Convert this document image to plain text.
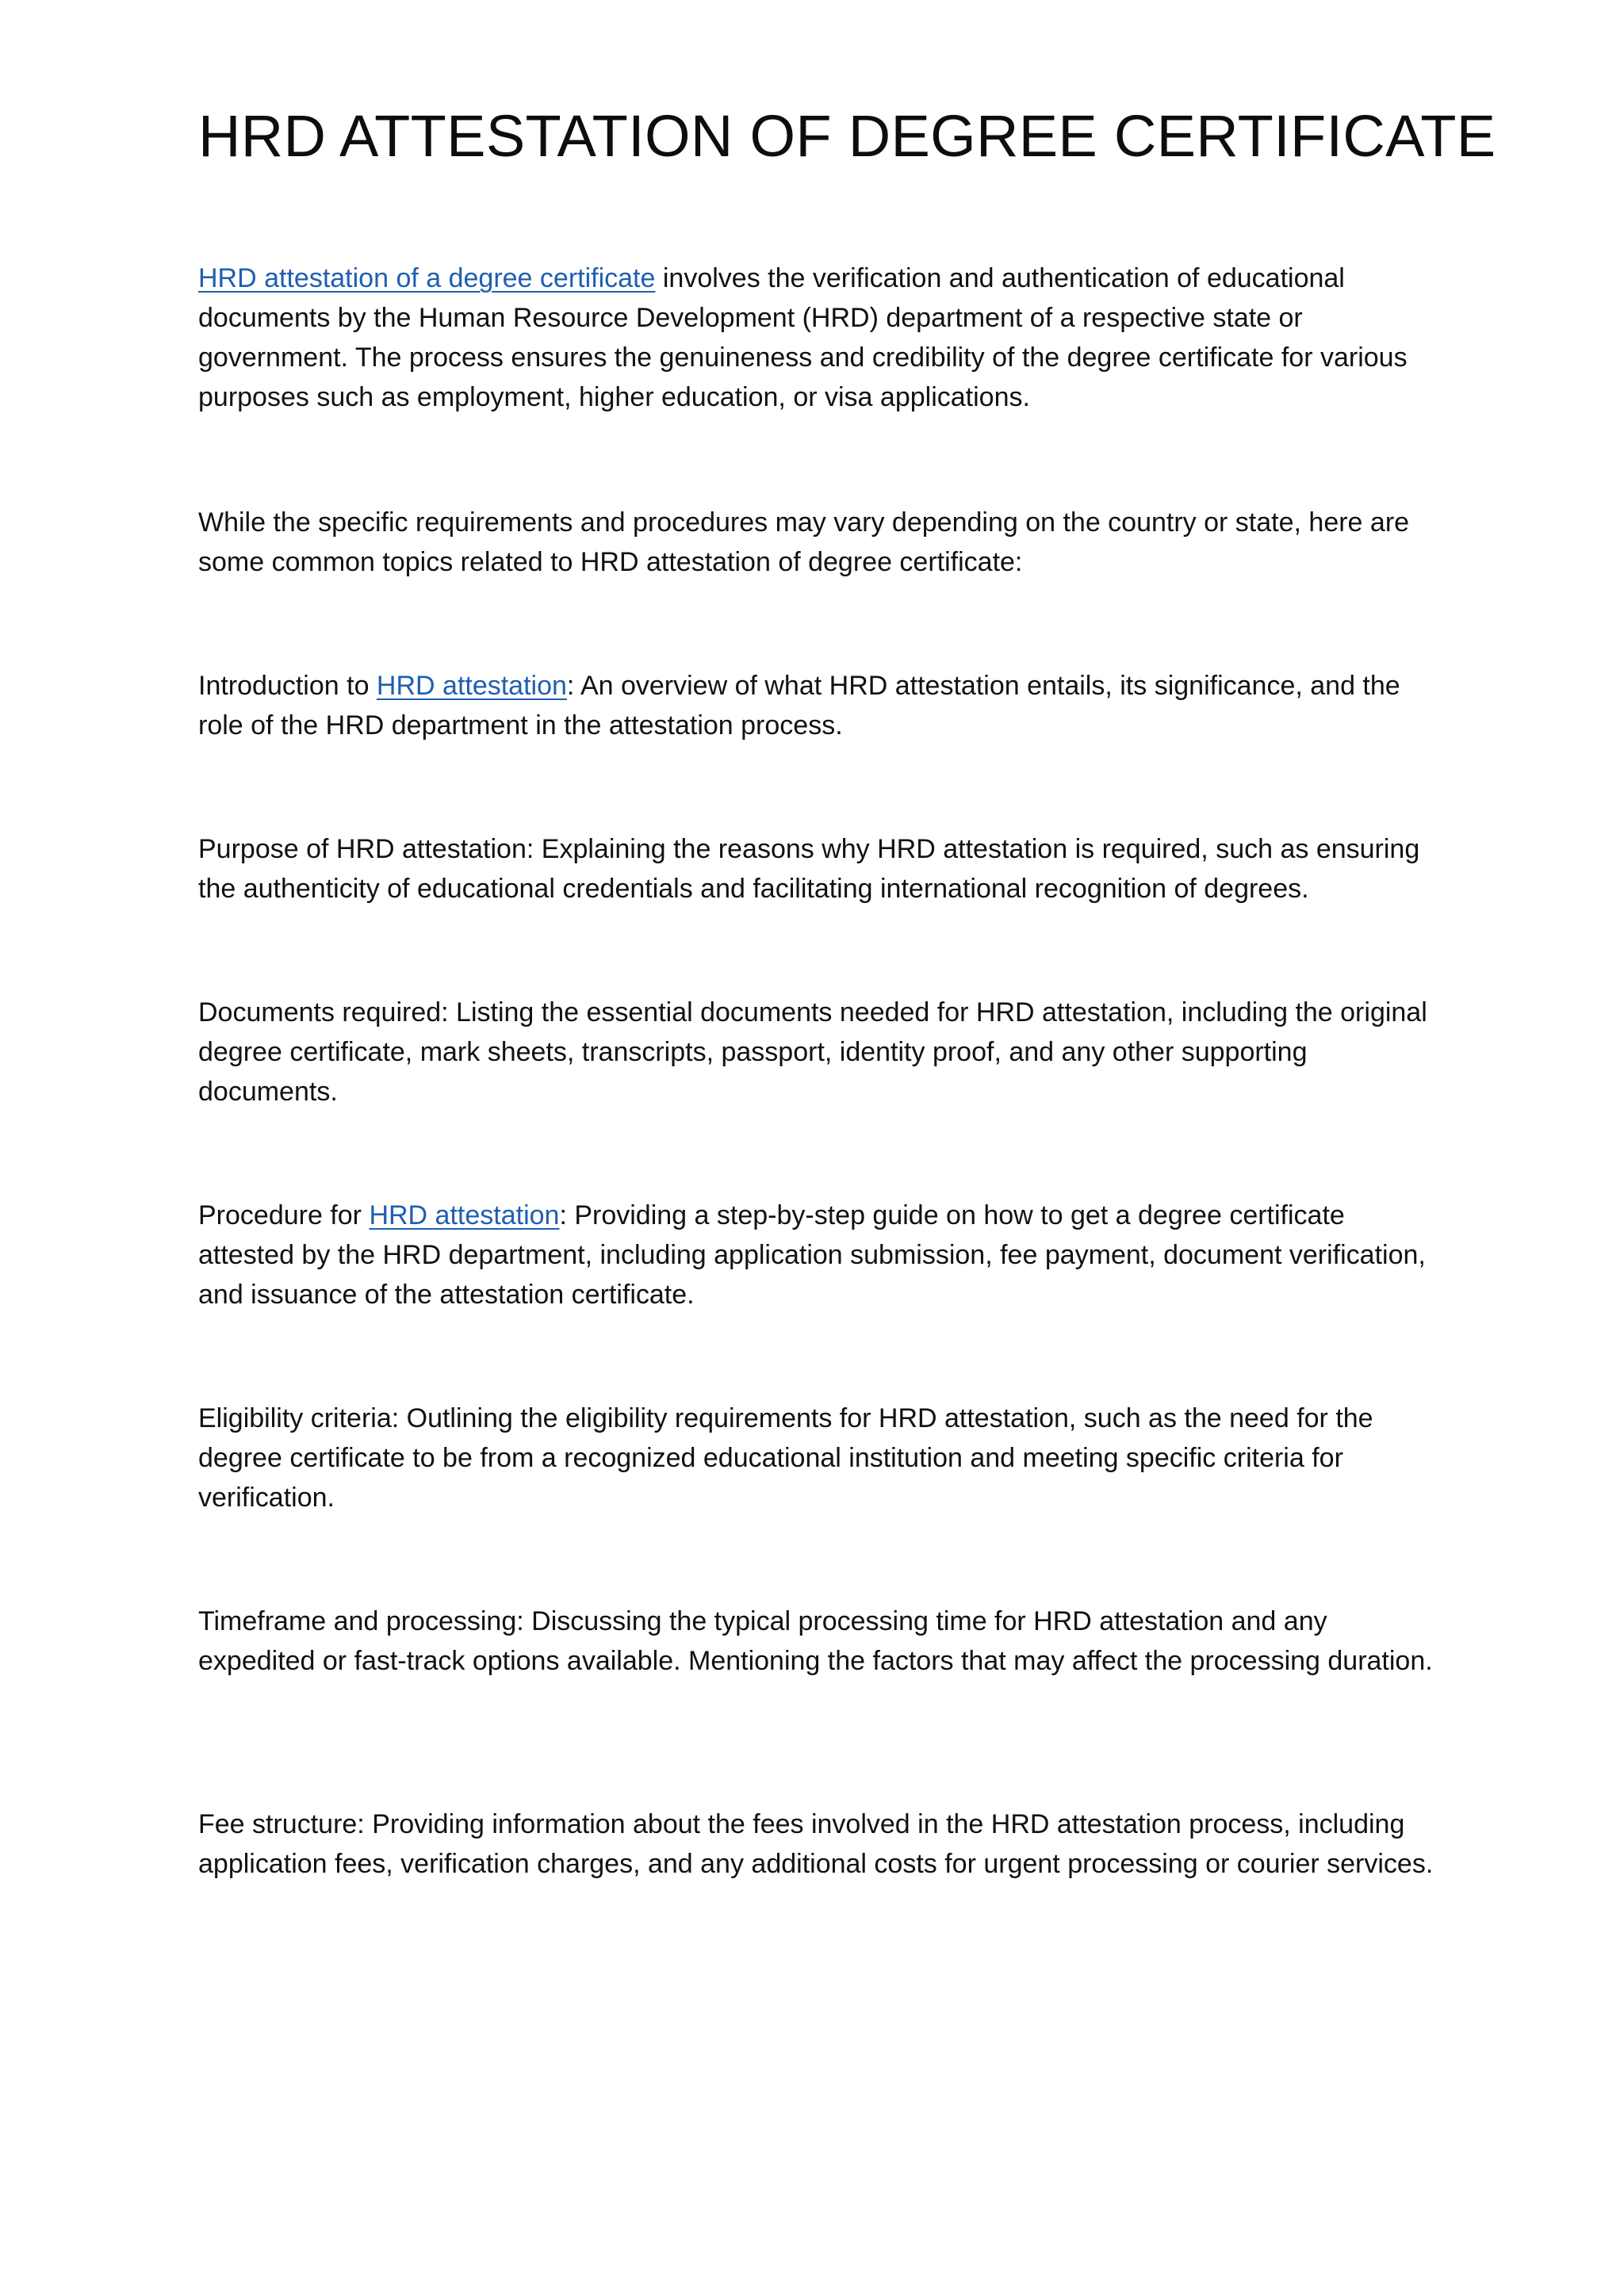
HRD ATTESTATION OF DEGREE CERTIFICATE

HRD attestation of a degree certificate involves the verification and authentication of educational documents by the Human Resource Development (HRD) department of a respective state or government. The process ensures the genuineness and credibility of the degree certificate for various purposes such as employment, higher education, or visa applications.

While the specific requirements and procedures may vary depending on the country or state, here are some common topics related to HRD attestation of degree certificate:

Introduction to HRD attestation: An overview of what HRD attestation entails, its significance, and the role of the HRD department in the attestation process.

Purpose of HRD attestation: Explaining the reasons why HRD attestation is required, such as ensuring the authenticity of educational credentials and facilitating international recognition of degrees.

Documents required: Listing the essential documents needed for HRD attestation, including the original degree certificate, mark sheets, transcripts, passport, identity proof, and any other supporting documents.

Procedure for HRD attestation: Providing a step-by-step guide on how to get a degree certificate attested by the HRD department, including application submission, fee payment, document verification, and issuance of the attestation certificate.

Eligibility criteria: Outlining the eligibility requirements for HRD attestation, such as the need for the degree certificate to be from a recognized educational institution and meeting specific criteria for verification.

Timeframe and processing: Discussing the typical processing time for HRD attestation and any expedited or fast-track options available. Mentioning the factors that may affect the processing duration.

Fee structure: Providing information about the fees involved in the HRD attestation process, including application fees, verification charges, and any additional costs for urgent processing or courier services.
